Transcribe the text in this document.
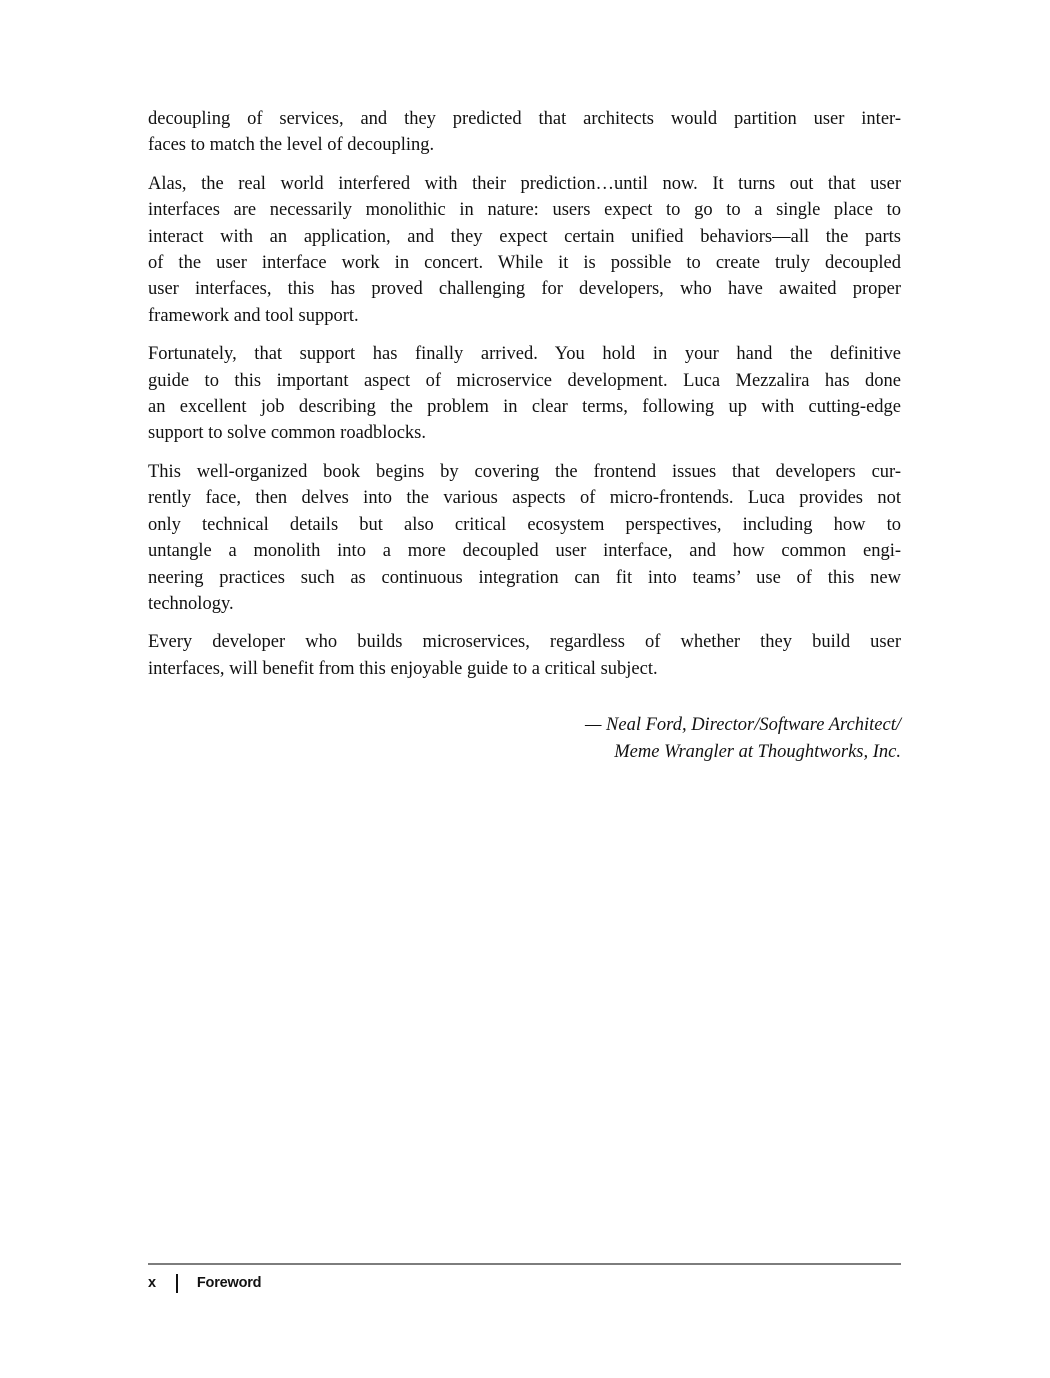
decoupling of services, and they predicted that architects would partition user inter-
faces to match the level of decoupling.
Alas, the real world interfered with their prediction…until now. It turns out that user
interfaces are necessarily monolithic in nature: users expect to go to a single place to
interact with an application, and they expect certain unified behaviors—all the parts
of the user interface work in concert. While it is possible to create truly decoupled
user interfaces, this has proved challenging for developers, who have awaited proper
framework and tool support.
Fortunately, that support has finally arrived. You hold in your hand the definitive
guide to this important aspect of microservice development. Luca Mezzalira has done
an excellent job describing the problem in clear terms, following up with cutting-edge
support to solve common roadblocks.
This well-organized book begins by covering the frontend issues that developers cur-
rently face, then delves into the various aspects of micro-frontends. Luca provides not
only technical details but also critical ecosystem perspectives, including how to
untangle a monolith into a more decoupled user interface, and how common engi-
neering practices such as continuous integration can fit into teams’ use of this new
technology.
Every developer who builds microservices, regardless of whether they build user
interfaces, will benefit from this enjoyable guide to a critical subject.
— Neal Ford, Director/Software Architect/
Meme Wrangler at Thoughtworks, Inc.
x	Foreword
